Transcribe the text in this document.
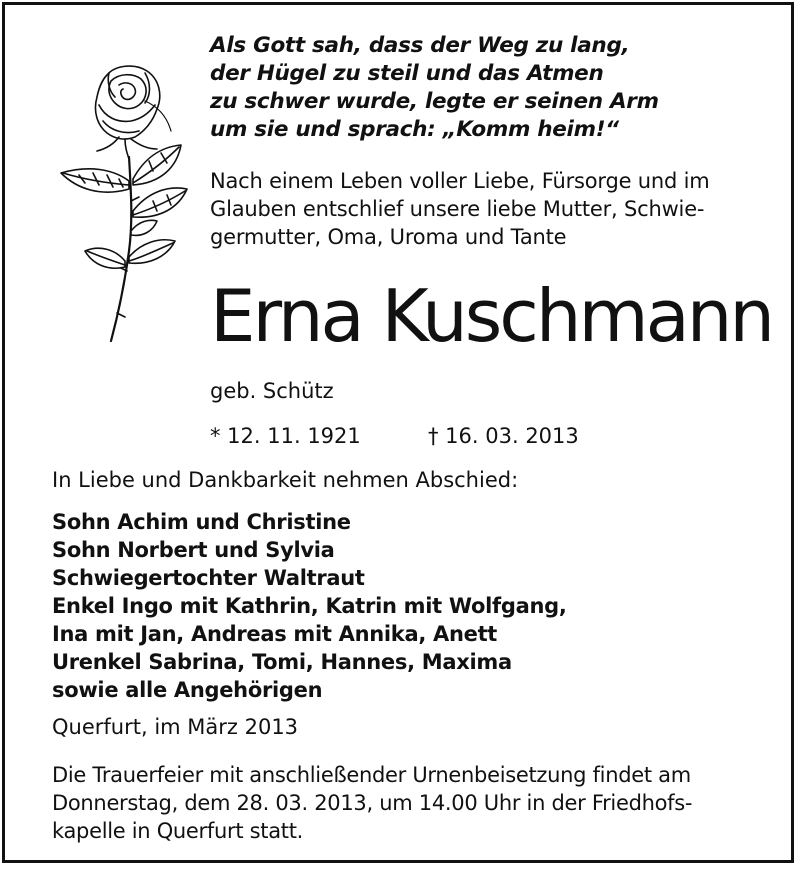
Als Gott sah, dass der Weg zu lang,
der Hügel zu steil und das Atmen
zu schwer wurde, legte er seinen Arm
um sie und sprach: „Komm heim!“

Nach einem Leben voller Liebe, Fürsorge und im
Glauben entschlief unsere liebe Mutter, Schwie-
germutter, Oma, Uroma und Tante

Erna Kuschmann

geb. Schütz

* 12. 11. 1921	† 16. 03. 2013

In Liebe und Dankbarkeit nehmen Abschied:

Sohn Achim und Christine
Sohn Norbert und Sylvia
Schwiegertochter Waltraut
Enkel Ingo mit Kathrin, Katrin mit Wolfgang,
Ina mit Jan, Andreas mit Annika, Anett
Urenkel Sabrina, Tomi, Hannes, Maxima
sowie alle Angehörigen

Querfurt, im März 2013

Die Trauerfeier mit anschließender Urnenbeisetzung findet am
Donnerstag, dem 28. 03. 2013, um 14.00 Uhr in der Friedhofs-
kapelle in Querfurt statt.
